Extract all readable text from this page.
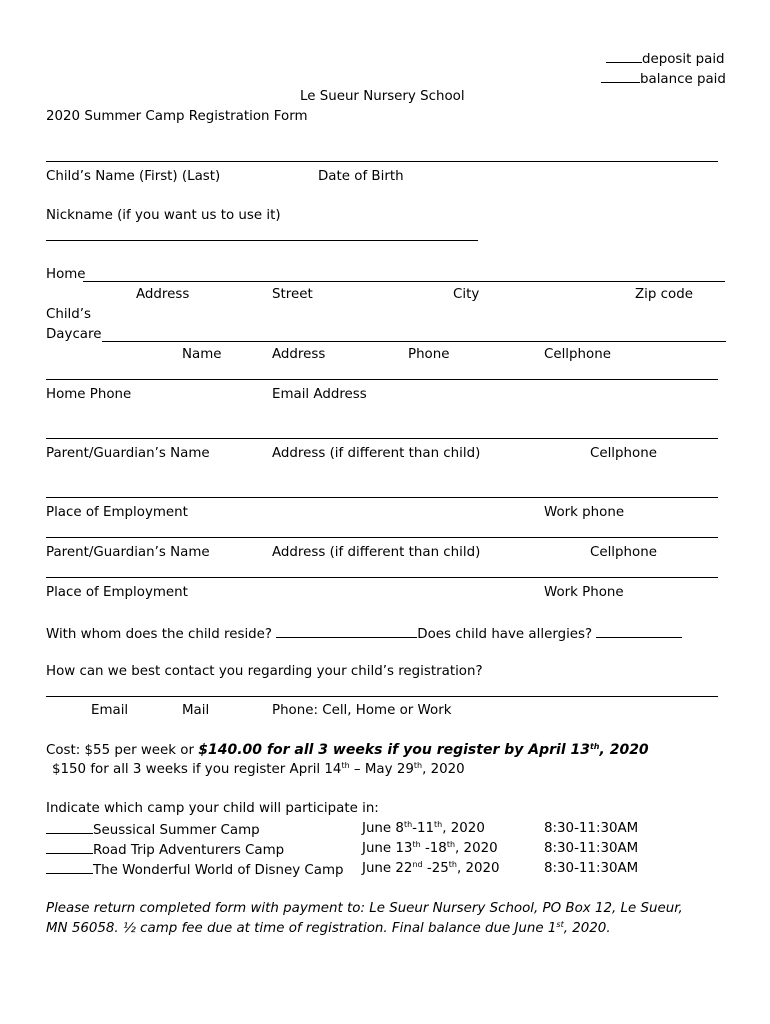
deposit paid
balance paid
Le Sueur Nursery School
2020 Summer Camp Registration Form
Child’s Name (First) (Last)	Date of Birth
Nickname (if you want us to use it)
Home
Address	Street	City	Zip code
Child’s
Daycare
Name	Address	Phone	Cellphone
Home Phone	Email Address
Parent/Guardian’s Name	Address (if different than child)	Cellphone
Place of Employment	Work phone
Parent/Guardian’s Name	Address (if different than child)	Cellphone
Place of Employment	Work Phone
With whom does the child reside?	Does child have allergies?
How can we best contact you regarding your child’s registration?
Email	Mail	Phone: Cell, Home or Work
Cost: $55 per week or $140.00 for all 3 weeks if you register by April 13th, 2020
$150 for all 3 weeks if you register April 14th – May 29th, 2020
Indicate which camp your child will participate in:
Seussical Summer Camp	June 8th-11th, 2020	8:30-11:30AM
Road Trip Adventurers Camp	June 13th -18th, 2020	8:30-11:30AM
The Wonderful World of Disney Camp June 22nd -25th, 2020	8:30-11:30AM
Please return completed form with payment to: Le Sueur Nursery School, PO Box 12, Le Sueur,
MN 56058. ½ camp fee due at time of registration. Final balance due June 1st, 2020.
